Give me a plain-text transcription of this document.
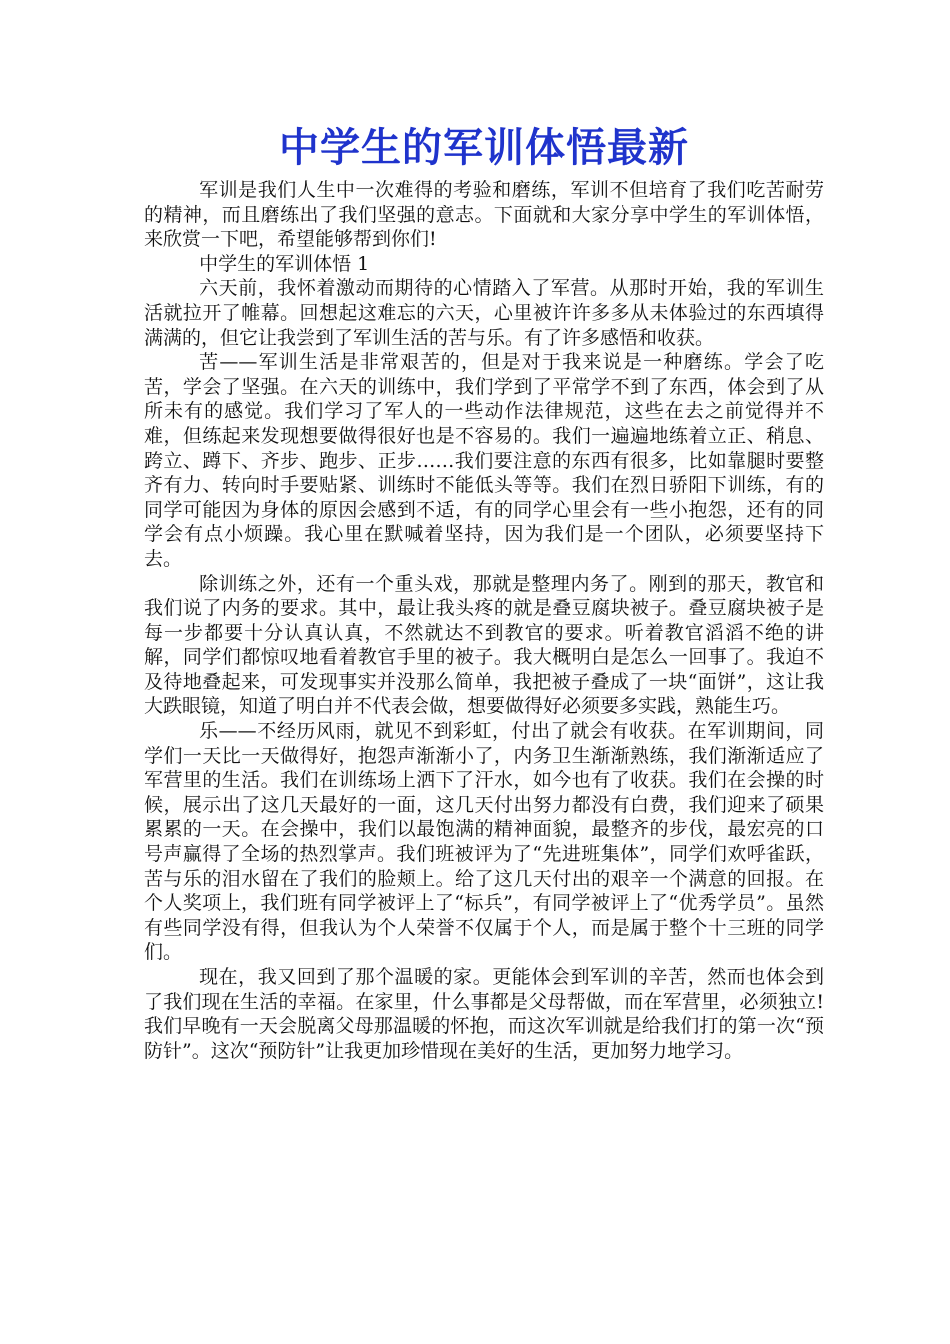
中学生的军训体悟最新

军训是我们人生中一次难得的考验和磨练，军训不但培育了我们吃苦耐劳的精神，而且磨练出了我们坚强的意志。下面就和大家分享中学生的军训体悟，来欣赏一下吧，希望能够帮到你们!

中学生的军训体悟 1

六天前，我怀着激动而期待的心情踏入了军营。从那时开始，我的军训生活就拉开了帷幕。回想起这难忘的六天，心里被许许多多从未体验过的东西填得满满的，但它让我尝到了军训生活的苦与乐。有了许多感悟和收获。

苦——军训生活是非常艰苦的，但是对于我来说是一种磨练。学会了吃苦，学会了坚强。在六天的训练中，我们学到了平常学不到了东西，体会到了从所未有的感觉。我们学习了军人的一些动作法律规范，这些在去之前觉得并不难，但练起来发现想要做得很好也是不容易的。我们一遍遍地练着立正、稍息、跨立、蹲下、齐步、跑步、正步……我们要注意的东西有很多，比如靠腿时要整齐有力、转向时手要贴紧、训练时不能低头等等。我们在烈日骄阳下训练，有的同学可能因为身体的原因会感到不适，有的同学心里会有一些小抱怨，还有的同学会有点小烦躁。我心里在默喊着坚持，因为我们是一个团队，必须要坚持下去。

除训练之外，还有一个重头戏，那就是整理内务了。刚到的那天，教官和我们说了内务的要求。其中，最让我头疼的就是叠豆腐块被子。叠豆腐块被子是每一步都要十分认真认真，不然就达不到教官的要求。听着教官滔滔不绝的讲解，同学们都惊叹地看着教官手里的被子。我大概明白是怎么一回事了。我迫不及待地叠起来，可发现事实并没那么简单，我把被子叠成了一块“面饼”，这让我大跌眼镜，知道了明白并不代表会做，想要做得好必须要多实践，熟能生巧。

乐——不经历风雨，就见不到彩虹，付出了就会有收获。在军训期间，同学们一天比一天做得好，抱怨声渐渐小了，内务卫生渐渐熟练，我们渐渐适应了军营里的生活。我们在训练场上洒下了汗水，如今也有了收获。我们在会操的时候，展示出了这几天最好的一面，这几天付出努力都没有白费，我们迎来了硕果累累的一天。在会操中，我们以最饱满的精神面貌，最整齐的步伐，最宏亮的口号声赢得了全场的热烈掌声。我们班被评为了“先进班集体”，同学们欢呼雀跃，苦与乐的泪水留在了我们的脸颊上。给了这几天付出的艰辛一个满意的回报。在个人奖项上，我们班有同学被评上了“标兵”，有同学被评上了“优秀学员”。虽然有些同学没有得，但我认为个人荣誉不仅属于个人，而是属于整个十三班的同学们。

现在，我又回到了那个温暖的家。更能体会到军训的辛苦，然而也体会到了我们现在生活的幸福。在家里，什么事都是父母帮做，而在军营里，必须独立!我们早晚有一天会脱离父母那温暖的怀抱，而这次军训就是给我们打的第一次“预防针”。这次“预防针”让我更加珍惜现在美好的生活，更加努力地学习。
